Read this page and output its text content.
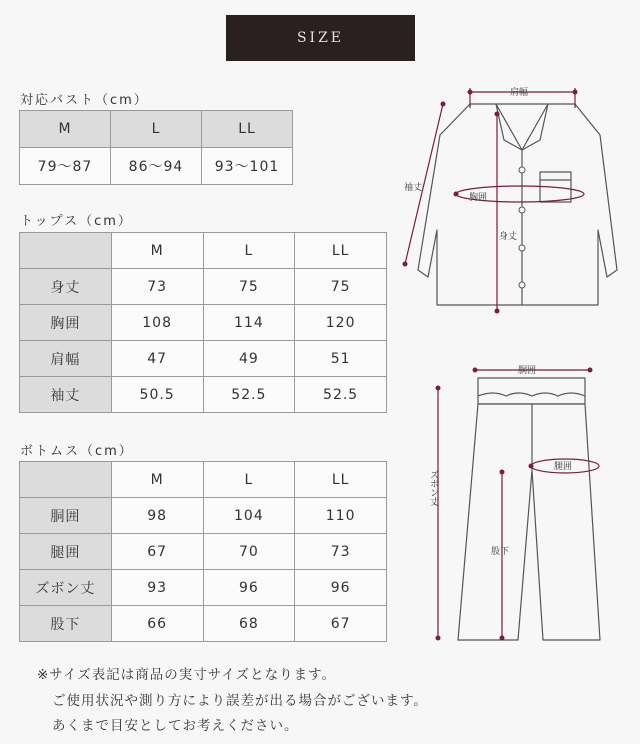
SIZE
対応バスト（cm）
M	L	LL
79〜87	86〜94	93〜101
トップス（cm）
	M	L	LL
身丈	73	75	75
胸囲	108	114	120
肩幅	47	49	51
袖丈	50.5	52.5	52.5
ボトムス（cm）
	M	L	LL
胴囲	98	104	110
腿囲	67	70	73
ズボン丈	93	96	96
股下	66	68	67
肩幅
袖丈
胸囲
身丈
胴囲
腿囲
ズボン丈
股下
※サイズ表記は商品の実寸サイズとなります。
ご使用状況や測り方により誤差が出る場合がございます。
あくまで目安としてお考えください。
